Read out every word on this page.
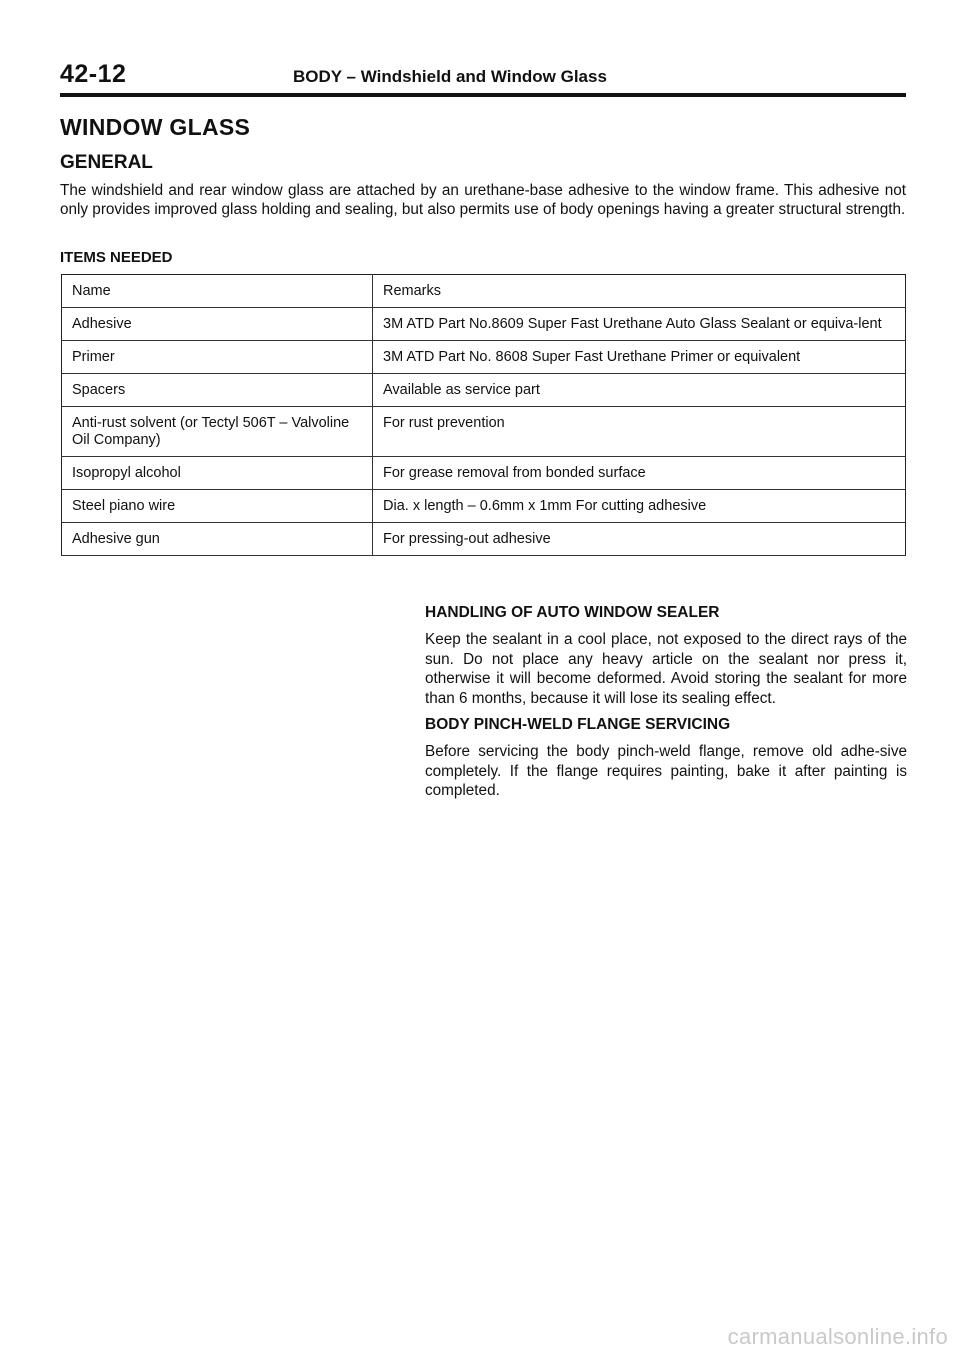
42-12	BODY – Windshield and Window Glass
WINDOW GLASS
GENERAL

The windshield and rear window glass are attached by an urethane-base adhesive to the window frame. This adhesive not only provides improved glass holding and sealing, but also permits use of body openings having a greater structural strength.

ITEMS NEEDED
Name	Remarks
Adhesive	3M ATD Part No.8609 Super Fast Urethane Auto Glass Sealant or equiva-lent
Primer	3M ATD Part No. 8608 Super Fast Urethane Primer or equivalent
Spacers	Available as service part
Anti-rust solvent (or Tectyl 506T – Valvoline Oil Company)	For rust prevention
Isopropyl alcohol	For grease removal from bonded surface
Steel piano wire	Dia. x length – 0.6mm x 1mm For cutting adhesive
Adhesive gun	For pressing-out adhesive

HANDLING OF AUTO WINDOW SEALER

Keep the sealant in a cool place, not exposed to the direct rays of the sun. Do not place any heavy article on the sealant nor press it, otherwise it will become deformed. Avoid storing the sealant for more than 6 months, because it will lose its sealing effect.

BODY PINCH-WELD FLANGE SERVICING

Before servicing the body pinch-weld flange, remove old adhe-sive completely. If the flange requires painting, bake it after painting is completed.

carmanualsonline.info
